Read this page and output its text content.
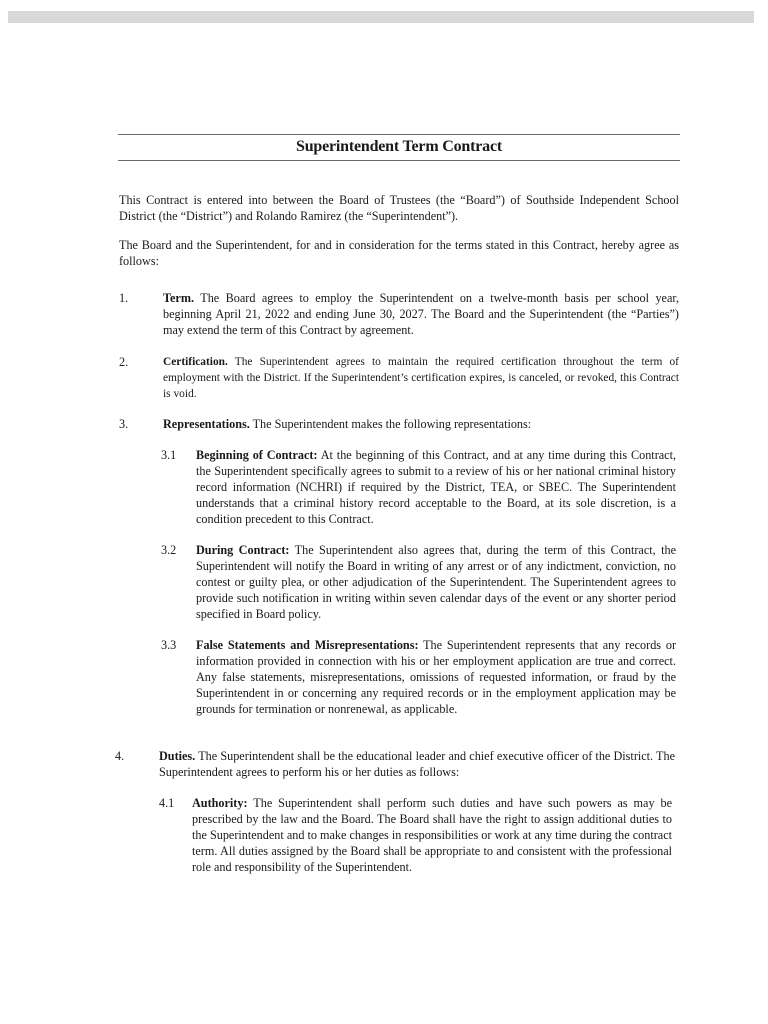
Superintendent Term Contract
This Contract is entered into between the Board of Trustees (the “Board”) of Southside Independent School District (the “District”) and Rolando Ramirez (the “Superintendent”).
The Board and the Superintendent, for and in consideration for the terms stated in this Contract, hereby agree as follows:
1.	Term. The Board agrees to employ the Superintendent on a twelve-month basis per school year, beginning April 21, 2022 and ending June 30, 2027. The Board and the Superintendent (the “Parties”) may extend the term of this Contract by agreement.
2.	Certification. The Superintendent agrees to maintain the required certification throughout the term of employment with the District. If the Superintendent’s certification expires, is canceled, or revoked, this Contract is void.
3.	Representations. The Superintendent makes the following representations:
3.1 Beginning of Contract: At the beginning of this Contract, and at any time during this Contract, the Superintendent specifically agrees to submit to a review of his or her national criminal history record information (NCHRI) if required by the District, TEA, or SBEC. The Superintendent understands that a criminal history record acceptable to the Board, at its sole discretion, is a condition precedent to this Contract.
3.2 During Contract: The Superintendent also agrees that, during the term of this Contract, the Superintendent will notify the Board in writing of any arrest or of any indictment, conviction, no contest or guilty plea, or other adjudication of the Superintendent. The Superintendent agrees to provide such notification in writing within seven calendar days of the event or any shorter period specified in Board policy.
3.3 False Statements and Misrepresentations: The Superintendent represents that any records or information provided in connection with his or her employment application are true and correct. Any false statements, misrepresentations, omissions of requested information, or fraud by the Superintendent in or concerning any required records or in the employment application may be grounds for termination or nonrenewal, as applicable.
4.	Duties. The Superintendent shall be the educational leader and chief executive officer of the District. The Superintendent agrees to perform his or her duties as follows:
4.1 Authority: The Superintendent shall perform such duties and have such powers as may be prescribed by the law and the Board. The Board shall have the right to assign additional duties to the Superintendent and to make changes in responsibilities or work at any time during the contract term. All duties assigned by the Board shall be appropriate to and consistent with the professional role and responsibility of the Superintendent.
